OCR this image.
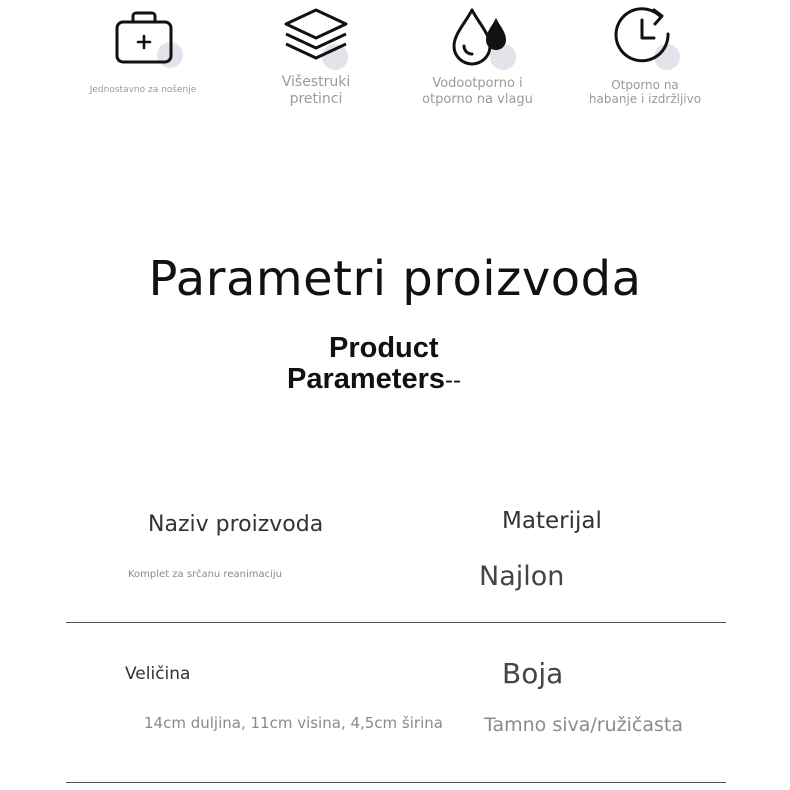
Jednostavno za nošenje	Višestruki
pretinci
Vodootporno i
otporno na vlagu
Otporno na
habanje i izdržljivo
Parametri proizvoda
Product
Parameters--
Naziv proizvoda
Komplet za srčanu reanimaciju
Materijal
Najlon
Veličina
14cm duljina, 11cm visina, 4,5cm širina
Boja
Tamno siva/ružičasta
